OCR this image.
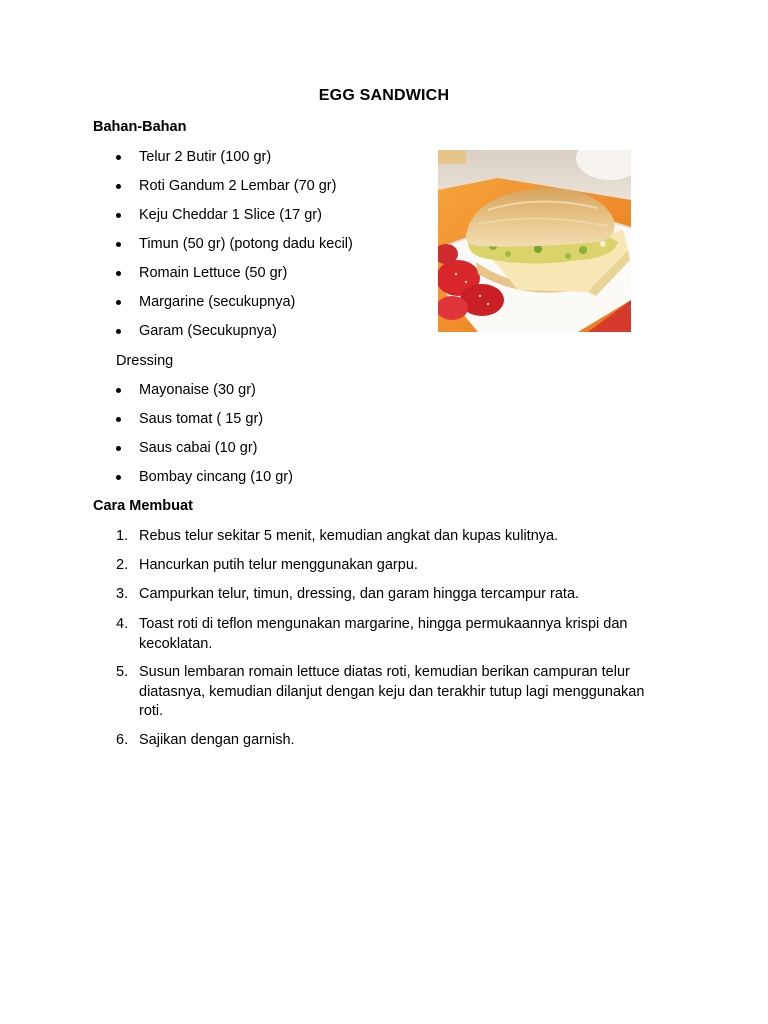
EGG SANDWICH
Bahan-Bahan
Telur 2 Butir (100 gr)
Roti Gandum 2 Lembar (70 gr)
Keju Cheddar 1 Slice (17 gr)
Timun (50 gr) (potong dadu kecil)
Romain Lettuce (50 gr)
Margarine (secukupnya)
Garam (Secukupnya)
Dressing
Mayonaise (30 gr)
Saus tomat ( 15 gr)
Saus cabai (10 gr)
Bombay cincang (10 gr)
Cara Membuat
1. Rebus telur sekitar 5 menit, kemudian angkat dan kupas kulitnya.
2. Hancurkan putih telur menggunakan garpu.
3. Campurkan telur, timun, dressing, dan garam hingga tercampur rata.
4. Toast roti di teflon mengunakan margarine, hingga permukaannya krispi dan kecoklatan.
5. Susun lembaran romain lettuce diatas roti, kemudian berikan campuran telur diatasnya, kemudian dilanjut dengan keju dan terakhir tutup lagi menggunakan roti.
6. Sajikan dengan garnish.
